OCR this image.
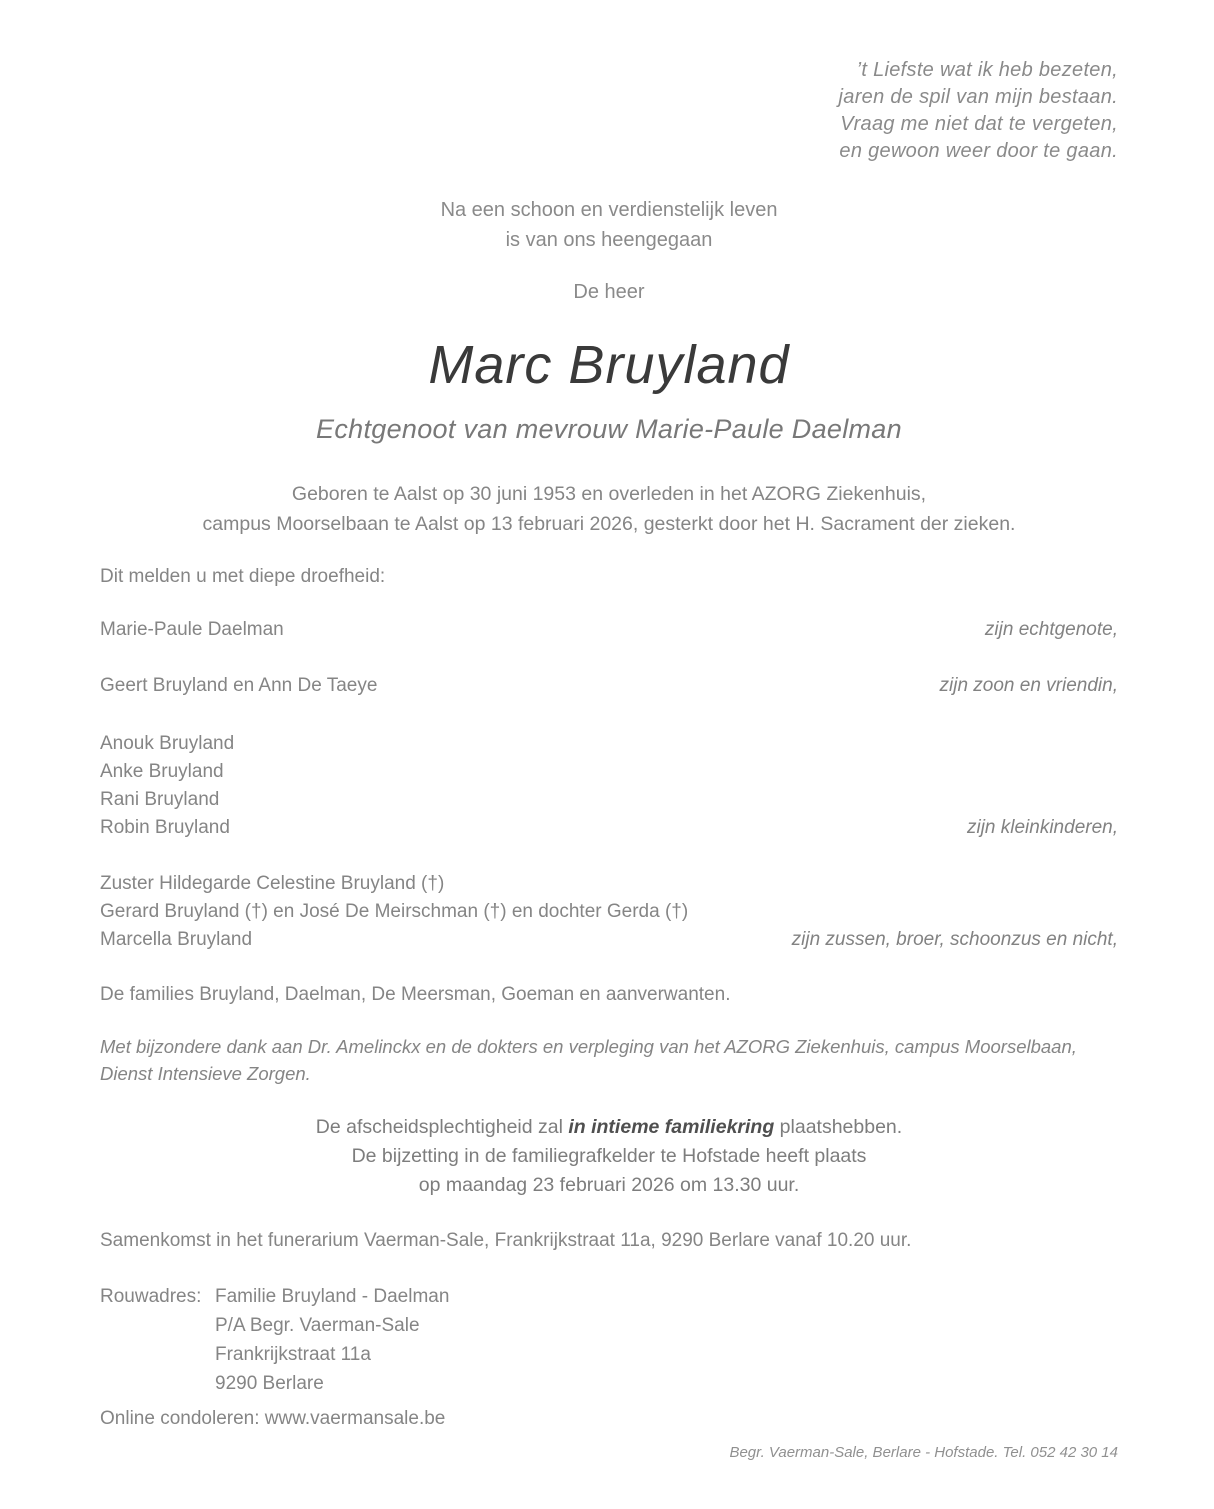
’t Liefste wat ik heb bezeten,
jaren de spil van mijn bestaan.
Vraag me niet dat te vergeten,
en gewoon weer door te gaan.
Na een schoon en verdienstelijk leven
is van ons heengegaan
De heer
Marc Bruyland
Echtgenoot van mevrouw Marie-Paule Daelman
Geboren te Aalst op 30 juni 1953 en overleden in het AZORG Ziekenhuis,
campus Moorselbaan te Aalst op 13 februari 2026, gesterkt door het H. Sacrament der zieken.
Dit melden u met diepe droefheid:
Marie-Paule Daelman	zijn echtgenote,
Geert Bruyland en Ann De Taeye	zijn zoon en vriendin,
Anouk Bruyland
Anke Bruyland
Rani Bruyland
Robin Bruyland	zijn kleinkinderen,
Zuster Hildegarde Celestine Bruyland (†)
Gerard Bruyland (†) en José De Meirschman (†) en dochter Gerda (†)
Marcella Bruyland	zijn zussen, broer, schoonzus en nicht,
De families Bruyland, Daelman, De Meersman, Goeman en aanverwanten.
Met bijzondere dank aan Dr. Amelinckx en de dokters en verpleging van het AZORG Ziekenhuis, campus Moorselbaan,
Dienst Intensieve Zorgen.
De afscheidsplechtigheid zal in intieme familiekring plaatshebben.
De bijzetting in de familiegrafkelder te Hofstade heeft plaats
op maandag 23 februari 2026 om 13.30 uur.
Samenkomst in het funerarium Vaerman-Sale, Frankrijkstraat 11a, 9290 Berlare vanaf 10.20 uur.
Rouwadres: Familie Bruyland - Daelman
P/A Begr. Vaerman-Sale
Frankrijkstraat 11a
9290 Berlare
Online condoleren: www.vaermansale.be
Begr. Vaerman-Sale, Berlare - Hofstade. Tel. 052 42 30 14
